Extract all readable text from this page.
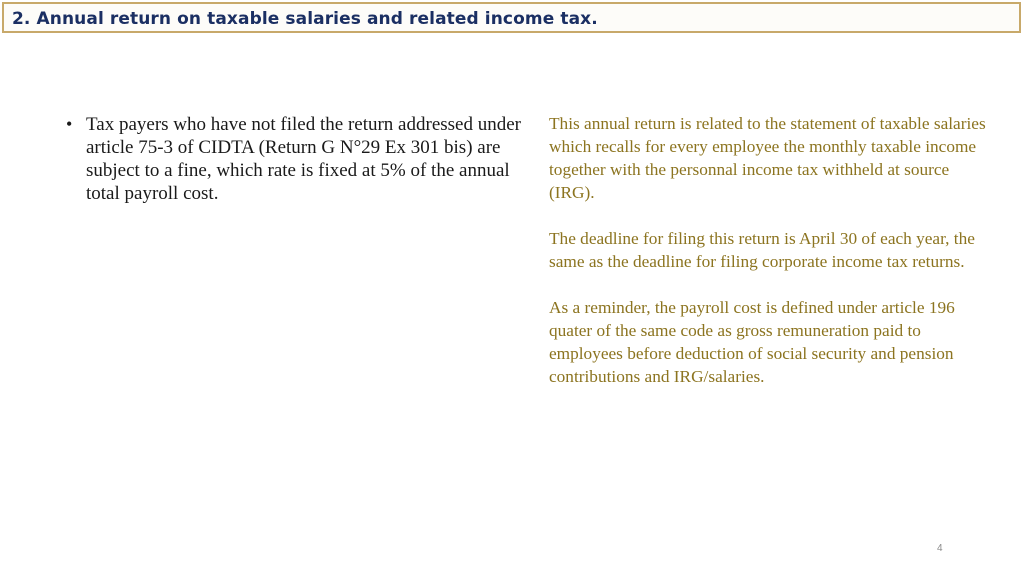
2. Annual return on taxable salaries and related income tax.
• Tax payers who have not filed the return addressed under article 75-3 of CIDTA (Return G N°29 Ex 301 bis) are subject to a fine, which rate is fixed at 5% of the annual total payroll cost.

This annual return is related to the statement of taxable salaries which recalls for every employee the monthly taxable income together with the personnal income tax withheld at source (IRG).

The deadline for filing this return is April 30 of each year, the same as the deadline for filing corporate income tax returns.

As a reminder, the payroll cost is defined under article 196 quater of the same code as gross remuneration paid to employees before deduction of social security and pension contributions and IRG/salaries.

4
